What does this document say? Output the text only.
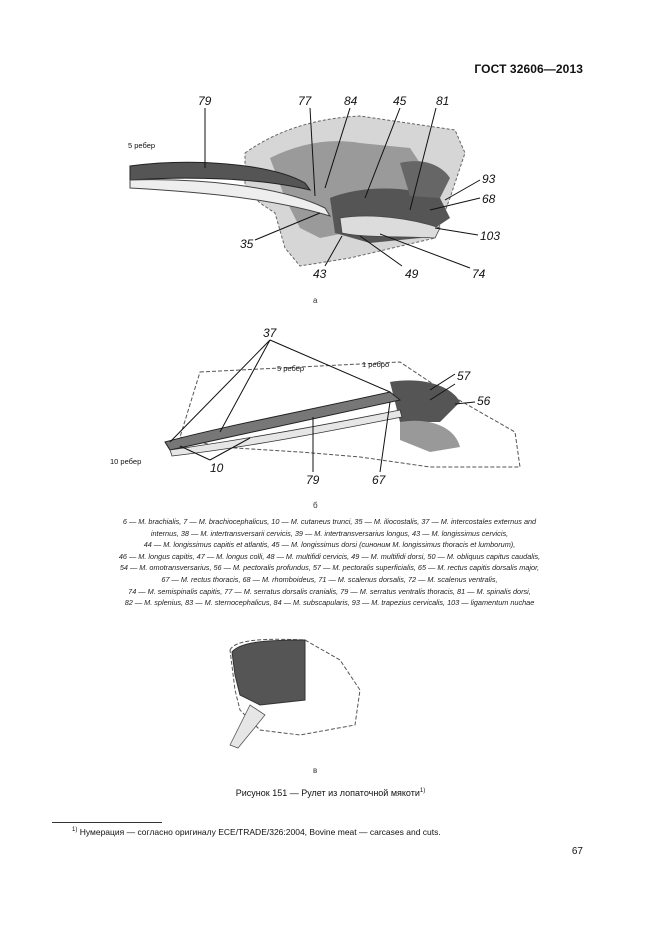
ГОСТ 32606—2013
79	77	84	45 81
93
68
35
103
43	49	74
5 ребер
а
37
57
56
10
79	67
5 ребер	1 ребро
10 ребер
б
6 — M. brachialis, 7 — M. brachiocephalicus, 10 — M. cutaneus trunci, 35 — M. iliocostalis, 37 — M. intercostales externus and
internus, 38 — M. intertransversarii cervicis, 39 — M. intertransversarius longus, 43 — M. longissimus cervicis,
44 — M. longissimus capitis et atlantis, 45 — M. longissimus dorsi (синоним M. longissimus thoracis et lumborum),
46 — M. longus capitis, 47 — M. longus colli, 48 — M. multifidi cervicis, 49 — M. multifidi dorsi, 50 — M. obliquus capitus caudalis,
54 — M. omotransversarius, 56 — M. pectoralis profundus, 57 — M. pectoralis superficialis, 65 — M. rectus capitis dorsalis major,
67 — M. rectus thoracis, 68 — M. rhomboideus, 71 — M. scalenus dorsalis, 72 — M. scalenus ventralis,
74 — M. semispinalis capitis, 77 — M. serratus dorsalis cranialis, 79 — M. serratus ventralis thoracis, 81 — M. spinalis dorsi,
82 — M. splenius, 83 — M. sternocephalicus, 84 — M. subscapularis, 93 — M. trapezius cervicalis, 103 — ligamentum nuchae
в
Рисунок 151 — Рулет из лопаточной мякоти$^{1)}$
$^{1)}$ Нумерация — согласно оригиналу ECE/TRADE/326:2004, Bovine meat — carcases and cuts.
67
